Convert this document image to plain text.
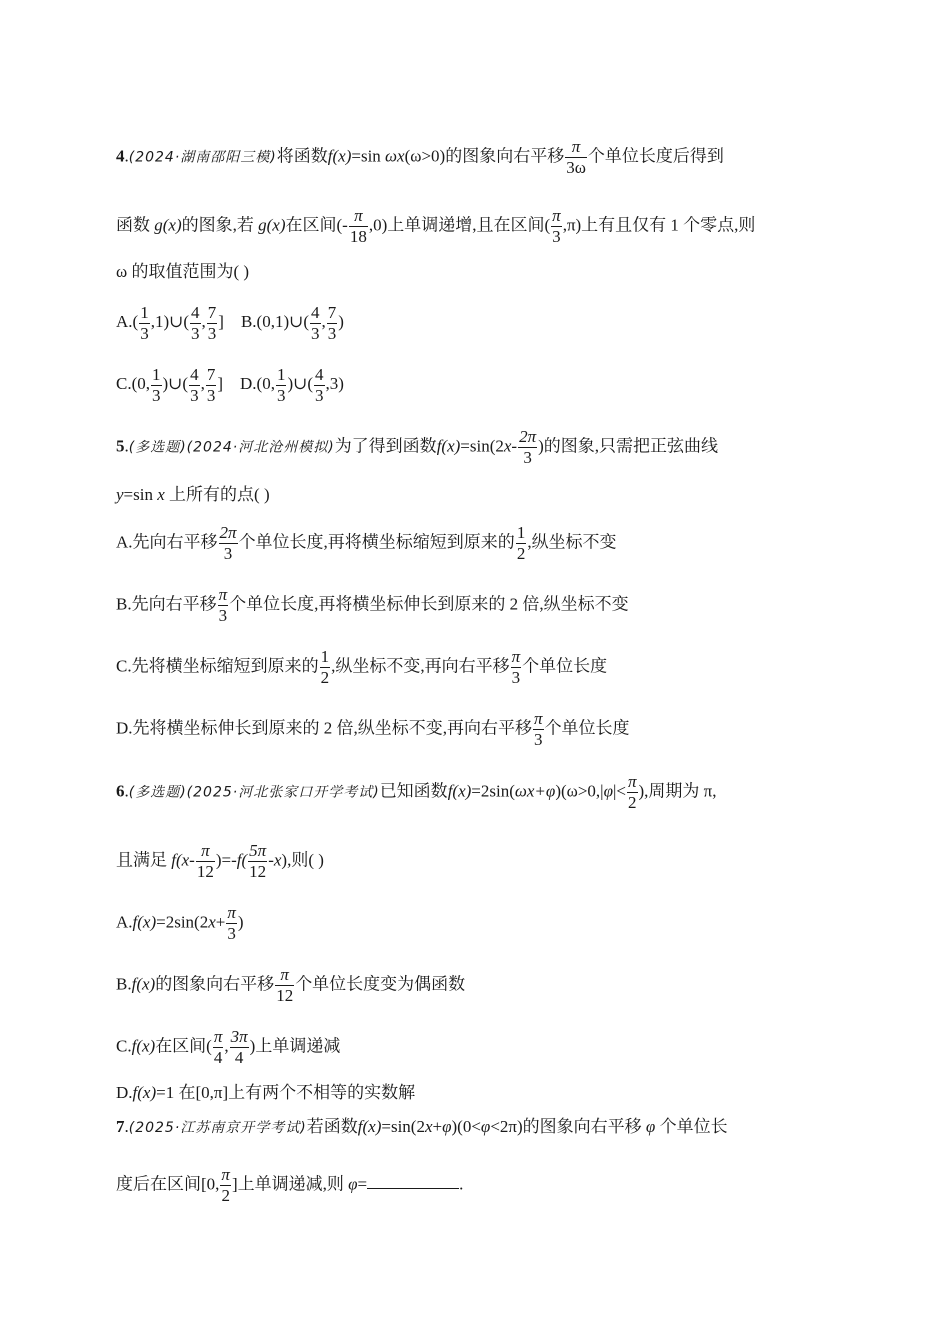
4.(2024·湖南邵阳三模)将函数f(x)=sin ωx(ω>0)的图象向右平移 $\frac{\pi}{3\omega}$ 个单位长度后得到
函数 g(x)的图象,若 g(x)在区间(- $\frac{\pi}{18} ,0$)上单调递增,且在区间( $\frac{\pi}{3} ,\pi$)上有且仅有 1 个零点,则
ω 的取值范围为( )
$A.( \frac{1}{3}$ ,1)∪( $\frac{4}{3}$ , $\frac{7}{3}$ ] B.(0,1)∪( $\frac{4}{3}$ , $\frac{7}{3}$ )
C.(0, $\frac{1}{3}$ )∪( $\frac{4}{3}$ , $\frac{7}{3}$ ] D.(0, $\frac{1}{3}$ )∪( $\frac{4}{3} ,3$)
5.(多选题)(2024·河北沧州模拟)为了得到函数$f(x)=\sin(2x- \frac{2\pi}{3}$ )的图象,只需把正弦曲线
y=sin x 上所有的点( )
A.先向右平移 $\frac{2\pi}{3}$ 个单位长度,再将横坐标缩短到原来的 $\frac{1}{2}$ ,纵坐标不变
B.先向右平移 $\frac{\pi}{3}$ 个单位长度,再将横坐标伸长到原来的 2 倍,纵坐标不变
C.先将横坐标缩短到原来的 $\frac{1}{2}$ ,纵坐标不变,再向右平移 $\frac{\pi}{3}$ 个单位长度
D.先将横坐标伸长到原来的 2 倍,纵坐标不变,再向右平移 $\frac{\pi}{3}$ 个单位长度
6.(多选题)(2025·河北张家口开学考试)已知函数$f(x)=2\sin(\omega x+\varphi)(\omega>0,|\varphi|< \frac{\pi}{2}$ ),周期为 π,
且满足 $f(x- \frac{\pi}{12} )=-f( \frac{5\pi}{12} -x)$,则( )
$A.f(x)=2\sin(2x+ \frac{\pi}{3}$ )
B.f(x)的图象向右平移 $\frac{\pi}{12}$ 个单位长度变为偶函数
C.f(x)在区间( $\frac{\pi}{4}$ , $\frac{3\pi}{4}$ )上单调递减
D.f(x)=1 在[0,π]上有两个不相等的实数解
7.(2025·江苏南京开学考试)若函数f(x)=sin(2x+φ)(0<φ<2π)的图象向右平移 φ 个单位长
度后在区间[0, $\frac{\pi}{2}$ ]上单调递减,则 φ=	.
